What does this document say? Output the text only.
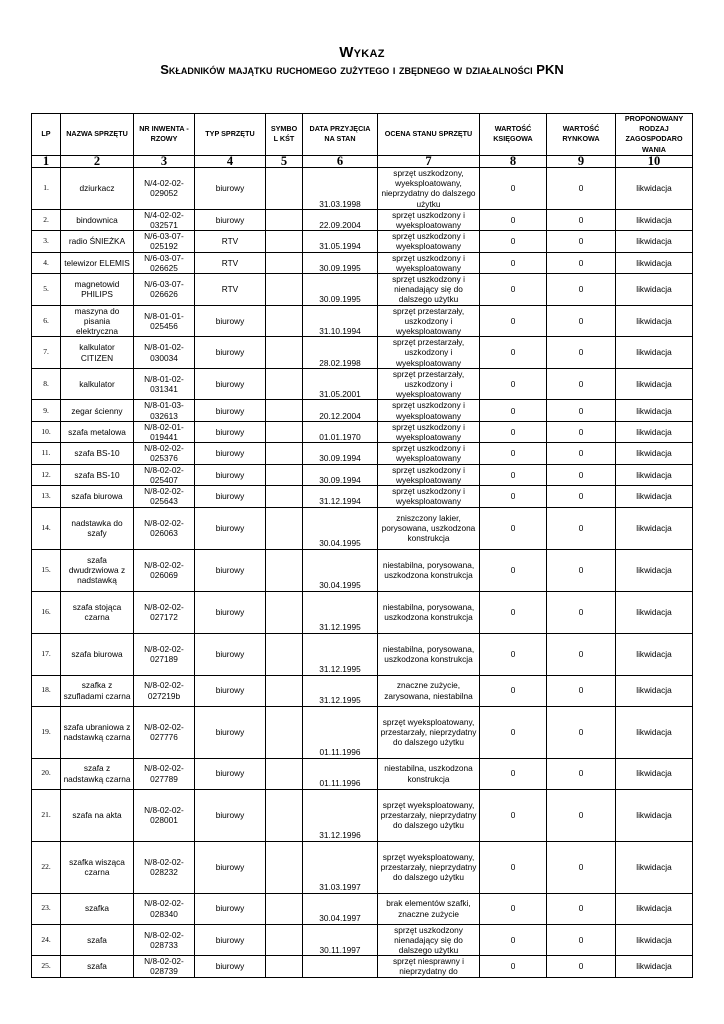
Wykaz
Składników majątku ruchomego zużytego i zbędnego w działalności PKN
LP	NAZWA SPRZĘTU	NR INWENTA - RZOWY	TYP SPRZĘTU	SYMBO L KŚT	DATA PRZYJĘCIA NA STAN	OCENA STANU SPRZĘTU	WARTOŚĆ KSIĘGOWA	WARTOŚĆ RYNKOWA	PROPONOWANY RODZAJ ZAGOSPODARO WANIA
1	2	3	4	5	6	7	8	9	10
1.	dziurkacz	N/4-02-02-029052	biurowy		31.03.1998	sprzęt uszkodzony, wyeksploatowany, nieprzydatny do dalszego użytku	0	0	likwidacja
2.	bindownica	N/4-02-02-032571	biurowy		22.09.2004	sprzęt uszkodzony i wyeksploatowany	0	0	likwidacja
3.	radio ŚNIEŻKA	N/6-03-07-025192	RTV		31.05.1994	sprzęt uszkodzony i wyeksploatowany	0	0	likwidacja
4.	telewizor ELEMIS	N/6-03-07-026625	RTV		30.09.1995	sprzęt uszkodzony i wyeksploatowany	0	0	likwidacja
5.	magnetowid PHILIPS	N/6-03-07-026626	RTV		30.09.1995	sprzęt uszkodzony i nienadający się do dalszego użytku	0	0	likwidacja
6.	maszyna do pisania elektryczna	N/8-01-01-025456	biurowy		31.10.1994	sprzęt przestarzały, uszkodzony i wyeksploatowany	0	0	likwidacja
7.	kalkulator CITIZEN	N/8-01-02-030034	biurowy		28.02.1998	sprzęt przestarzały, uszkodzony i wyeksploatowany	0	0	likwidacja
8.	kalkulator	N/8-01-02-031341	biurowy		31.05.2001	sprzęt przestarzały, uszkodzony i wyeksploatowany	0	0	likwidacja
9.	zegar ścienny	N/8-01-03-032613	biurowy		20.12.2004	sprzęt uszkodzony i wyeksploatowany	0	0	likwidacja
10.	szafa metalowa	N/8-02-01-019441	biurowy		01.01.1970	sprzęt uszkodzony i wyeksploatowany	0	0	likwidacja
11.	szafa BS-10	N/8-02-02-025376	biurowy		30.09.1994	sprzęt uszkodzony i wyeksploatowany	0	0	likwidacja
12.	szafa BS-10	N/8-02-02-025407	biurowy		30.09.1994	sprzęt uszkodzony i wyeksploatowany	0	0	likwidacja
13.	szafa biurowa	N/8-02-02-025643	biurowy		31.12.1994	sprzęt uszkodzony i wyeksploatowany	0	0	likwidacja
14.	nadstawka do szafy	N/8-02-02-026063	biurowy		30.04.1995	zniszczony lakier, porysowana, uszkodzona konstrukcja	0	0	likwidacja
15.	szafa dwudrzwiowa z nadstawką	N/8-02-02-026069	biurowy		30.04.1995	niestabilna, porysowana, uszkodzona konstrukcja	0	0	likwidacja
16.	szafa stojąca czarna	N/8-02-02-027172	biurowy		31.12.1995	niestabilna, porysowana, uszkodzona konstrukcja	0	0	likwidacja
17.	szafa biurowa	N/8-02-02-027189	biurowy		31.12.1995	niestabilna, porysowana, uszkodzona konstrukcja	0	0	likwidacja
18.	szafka z szufladami czarna	N/8-02-02-027219b	biurowy		31.12.1995	znaczne zużycie, zarysowana, niestabilna	0	0	likwidacja
19.	szafa ubraniowa z nadstawką czarna	N/8-02-02-027776	biurowy		01.11.1996	sprzęt wyeksploatowany, przestarzały, nieprzydatny do dalszego użytku	0	0	likwidacja
20.	szafa z nadstawką czarna	N/8-02-02-027789	biurowy		01.11.1996	niestabilna, uszkodzona konstrukcja	0	0	likwidacja
21.	szafa na akta	N/8-02-02-028001	biurowy		31.12.1996	sprzęt wyeksploatowany, przestarzały, nieprzydatny do dalszego użytku	0	0	likwidacja
22.	szafka wisząca czarna	N/8-02-02-028232	biurowy		31.03.1997	sprzęt wyeksploatowany, przestarzały, nieprzydatny do dalszego użytku	0	0	likwidacja
23.	szafka	N/8-02-02-028340	biurowy		30.04.1997	brak elementów szafki, znaczne zużycie	0	0	likwidacja
24.	szafa	N/8-02-02-028733	biurowy		30.11.1997	sprzęt uszkodzony nienadający się do dalszego użytku	0	0	likwidacja
25.	szafa	N/8-02-02-028739	biurowy			sprzęt niesprawny i nieprzydatny do	0	0	likwidacja
